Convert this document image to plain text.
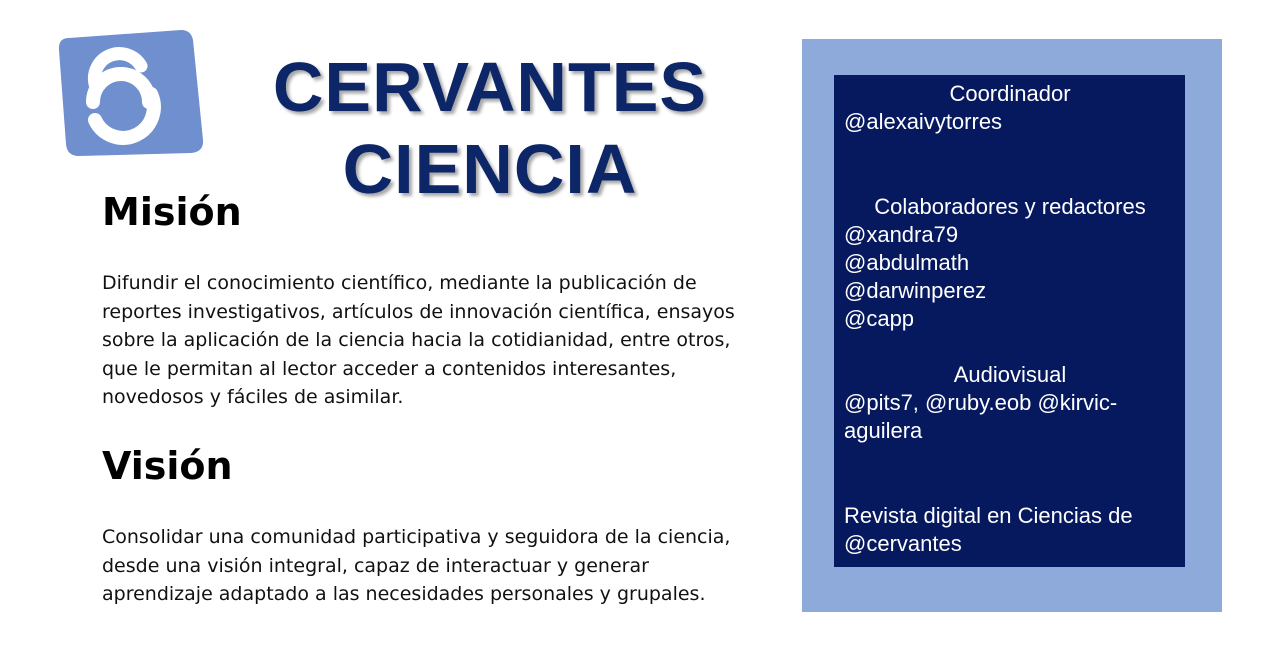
CERVANTES
CIENCIA
Misión
Difundir el conocimiento científico, mediante la publicación de
reportes investigativos, artículos de innovación científica, ensayos
sobre la aplicación de la ciencia hacia la cotidianidad, entre otros,
que le permitan al lector acceder a contenidos interesantes,
novedosos y fáciles de asimilar.
Visión
Consolidar una comunidad participativa y seguidora de la ciencia,
desde una visión integral, capaz de interactuar y generar
aprendizaje adaptado a las necesidades personales y grupales.
Coordinador
@alexaivytorres
Colaboradores y redactores
@xandra79
@abdulmath
@darwinperez
@capp
Audiovisual
@pits7, @ruby.eob @kirvic-
aguilera
Revista digital en Ciencias de
@cervantes
